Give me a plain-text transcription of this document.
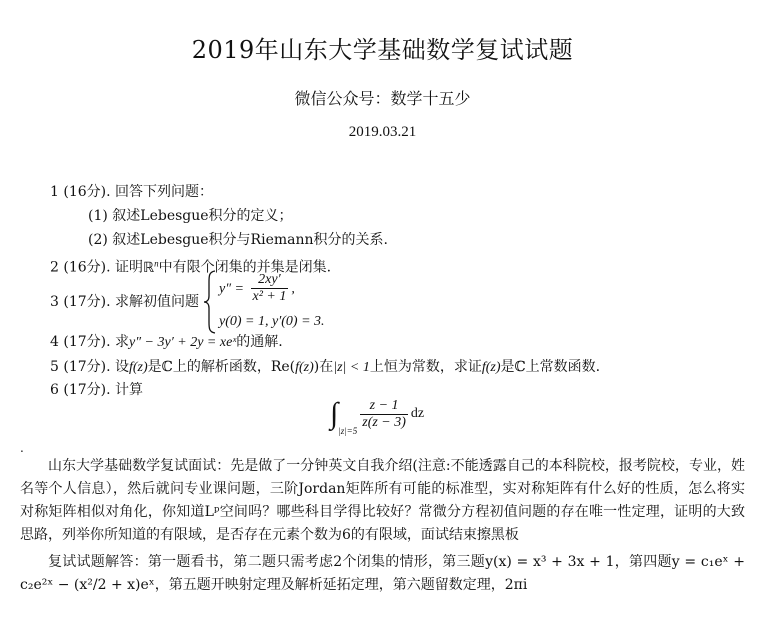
2019年山东大学基础数学复试试题
微信公众号：数学十五少
2019.03.21
1 (16分). 回答下列问题：
(1) 叙述Lebesgue积分的定义；
(2) 叙述Lebesgue积分与Riemann积分的关系.
2 (16分). 证明ℝ$^n$中有限个闭集的并集是闭集.
3 (17分). 求解初值问题
$y'' = \frac{2xy'}{\text{x² + 1}}$ ,
y(0) = 1, y′(0) = 3.
4 (17分). 求y″ − 3y′ + 2y = xeˣ的通解.
5 (17分). 设f(z)是ℂ上的解析函数，Re(f(z))在|z| < 1上恒为常数，求证f(z)是ℂ上常数函数.
6 (17分). 计算
$\int_{|z|=5}$
$\frac{z - 1}{z(z - 3)}$ dz
.
山东大学基础数学复试面试：先是做了一分钟英文自我介绍(注意:不能透露自己的本科院校，报考院校，专业，姓名等个人信息），然后就问专业课问题，三阶Jordan矩阵所有可能的标准型，实对称矩阵有什么好的性质，怎么将实对称矩阵相似对角化，你知道Lᵖ空间吗？哪些科目学得比较好？常微分方程初值问题的存在唯一性定理，证明的大致思路，列举你所知道的有限域，是否存在元素个数为6的有限域，面试结束擦黑板
复试试题解答：第一题看书，第二题只需考虑2个闭集的情形，第三题y(x) = x³ + 3x + 1，第四题y = c₁eˣ + c₂e²ˣ − (x²/2 + x)eˣ，第五题开映射定理及解析延拓定理，第六题留数定理，2πi
